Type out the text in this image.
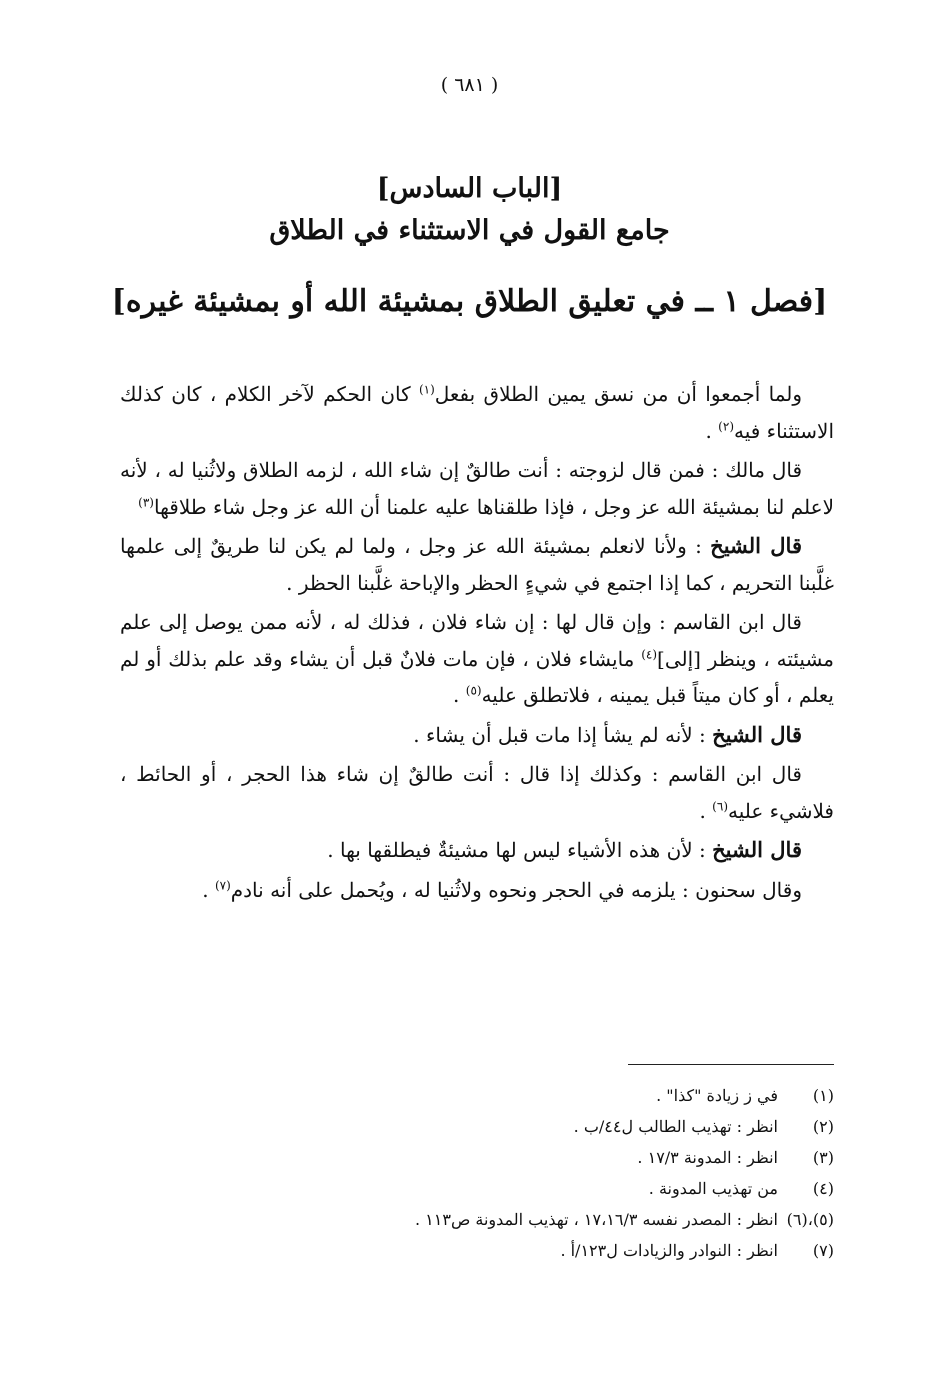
( ٦٨١ )
[الباب السادس]
جامع القول في الاستثناء في الطلاق
[فصل ١ ــ في تعليق الطلاق بمشيئة الله أو بمشيئة غيره]

ولما أجمعوا أن من نسق يمين الطلاق بفعل$^{(١)}$ كان الحكم لآخر الكلام ، كان كذلك الاستثناء فيه$^{(٢)}$ .

قال مالك : فمن قال لزوجته : أنت طالقٌ إن شاء الله ، لزمه الطلاق ولاثُنيا له ، لأنه لاعلم لنا بمشيئة الله عز وجل ، فإذا طلقناها عليه علمنا أن الله عز وجل شاء طلاقها$^{(٣)}$

قال الشيخ : ولأنا لانعلم بمشيئة الله عز وجل ، ولما لم يكن لنا طريقٌ إلى علمها غلَّبنا التحريم ، كما إذا اجتمع في شيءٍ الحظر والإباحة غلَّبنا الحظر .

قال ابن القاسم : وإن قال لها : إن شاء فلان ، فذلك له ، لأنه ممن يوصل إلى علم مشيئته ، وينظر [إلى]$^{(٤)}$ مايشاء فلان ، فإن مات فلانٌ قبل أن يشاء وقد علم بذلك أو لم يعلم ، أو كان ميتاً قبل يمينه ، فلاتطلق عليه$^{(٥)}$ .

قال الشيخ : لأنه لم يشأ إذا مات قبل أن يشاء .

قال ابن القاسم : وكذلك إذا قال : أنت طالقٌ إن شاء هذا الحجر ، أو الحائط ، فلاشيء عليه$^{(٦)}$ .

قال الشيخ : لأن هذه الأشياء ليس لها مشيئةٌ فيطلقها بها .

وقال سحنون : يلزمه في الحجر ونحوه ولاثُنيا له ، ويُحمل على أنه نادم$^{(٧)}$ .

(١)
في ز زيادة "كذا" .
(٢)
انظر : تهذيب الطالب ل٤٤/ب .
(٣)
انظر : المدونة ١٧/٣ .
(٤)
من تهذيب المدونة .
(٥)،(٦)
انظر : المصدر نفسه ١٧،١٦/٣ ، تهذيب المدونة ص١١٣ .
(٧)
انظر : النوادر والزيادات ل١٢٣/أ .
